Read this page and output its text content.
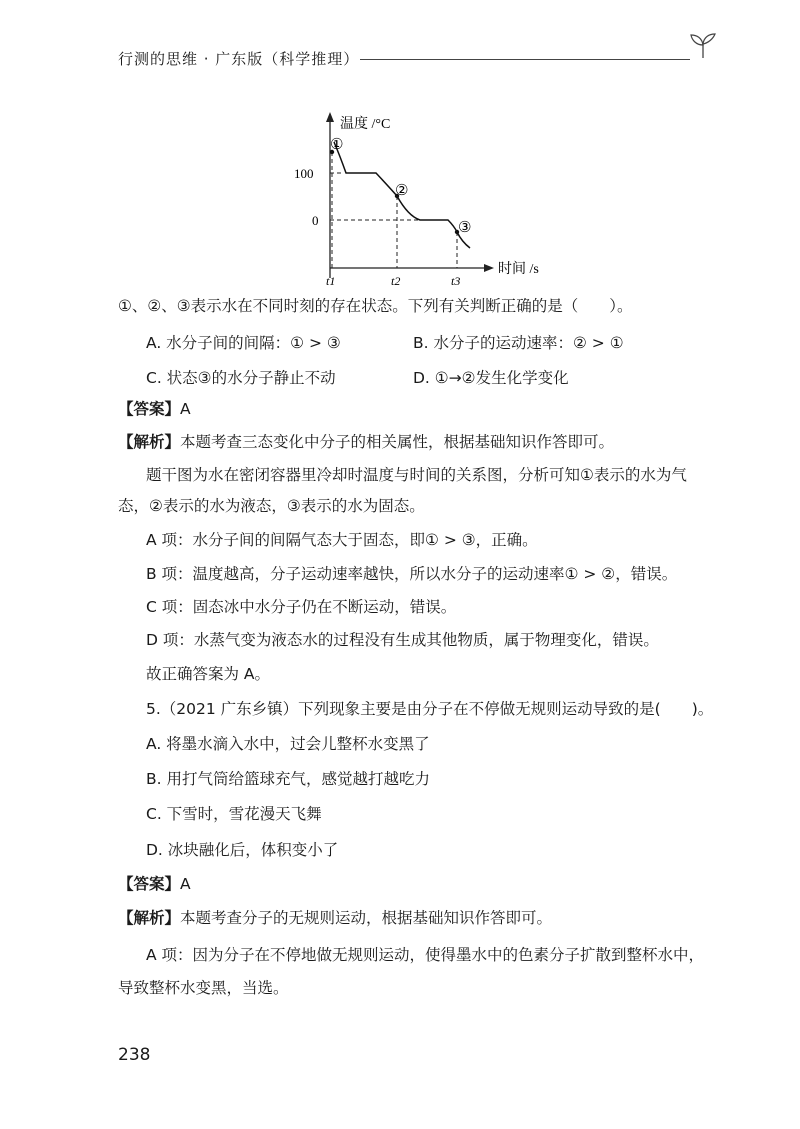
行测的思维 · 广东版（科学推理）
温度 /°C
时间 /s
100
0
①
②
③
t1	t2	t3
①、②、③表示水在不同时刻的存在状态。下列有关判断正确的是（　　）。
A. 水分子间的间隔：① > ③	B. 水分子的运动速率：② > ①
C. 状态③的水分子静止不动	D. ①→②发生化学变化
【答案】A
【解析】本题考查三态变化中分子的相关属性，根据基础知识作答即可。
题干图为水在密闭容器里冷却时温度与时间的关系图，分析可知①表示的水为气
态，②表示的水为液态，③表示的水为固态。
A 项：水分子间的间隔气态大于固态，即① > ③，正确。
B 项：温度越高，分子运动速率越快，所以水分子的运动速率① > ②，错误。
C 项：固态冰中水分子仍在不断运动，错误。
D 项：水蒸气变为液态水的过程没有生成其他物质，属于物理变化，错误。
故正确答案为 A。
5.（2021 广东乡镇）下列现象主要是由分子在不停做无规则运动导致的是(　　)。
A. 将墨水滴入水中，过会儿整杯水变黑了
B. 用打气筒给篮球充气，感觉越打越吃力
C. 下雪时，雪花漫天飞舞
D. 冰块融化后，体积变小了
【答案】A
【解析】本题考查分子的无规则运动，根据基础知识作答即可。
A 项：因为分子在不停地做无规则运动，使得墨水中的色素分子扩散到整杯水中，
导致整杯水变黑，当选。
238
